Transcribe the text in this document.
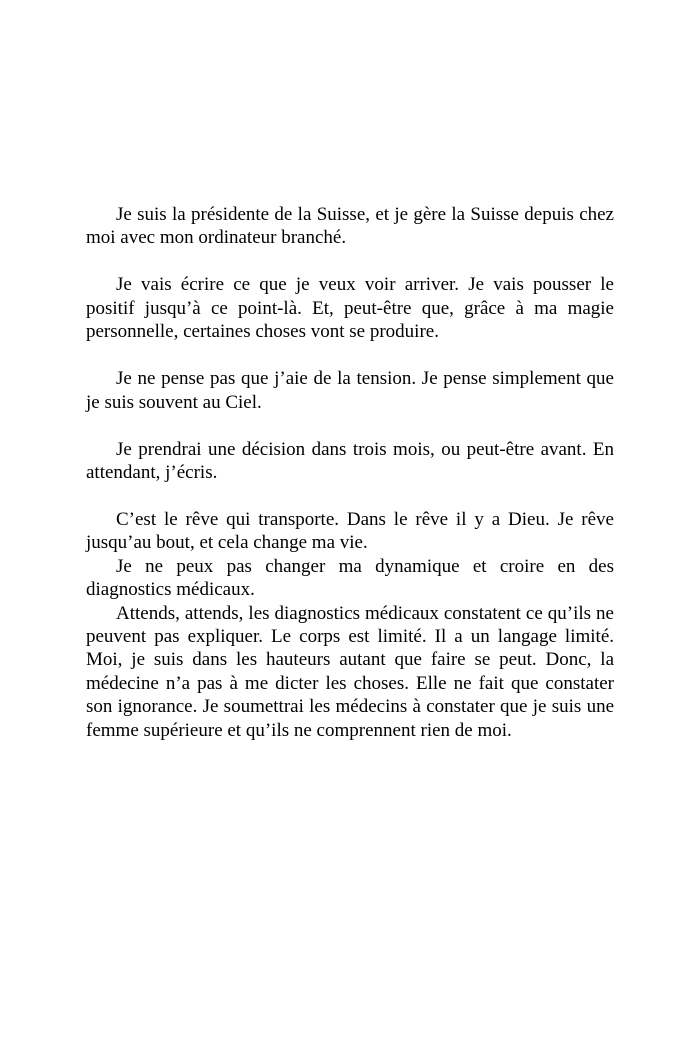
Je suis la présidente de la Suisse, et je gère la Suisse depuis chez moi avec mon ordinateur branché.

Je vais écrire ce que je veux voir arriver. Je vais pousser le positif jusqu’à ce point-là. Et, peut-être que, grâce à ma magie personnelle, certaines choses vont se produire.

Je ne pense pas que j’aie de la tension. Je pense simplement que je suis souvent au Ciel.

Je prendrai une décision dans trois mois, ou peut-être avant. En attendant, j’écris.

C’est le rêve qui transporte. Dans le rêve il y a Dieu. Je rêve jusqu’au bout, et cela change ma vie.

Je ne peux pas changer ma dynamique et croire en des diagnostics médicaux.

Attends, attends, les diagnostics médicaux constatent ce qu’ils ne peuvent pas expliquer. Le corps est limité. Il a un langage limité. Moi, je suis dans les hauteurs autant que faire se peut. Donc, la médecine n’a pas à me dicter les choses. Elle ne fait que constater son ignorance. Je soumettrai les médecins à constater que je suis une femme supérieure et qu’ils ne comprennent rien de moi.
